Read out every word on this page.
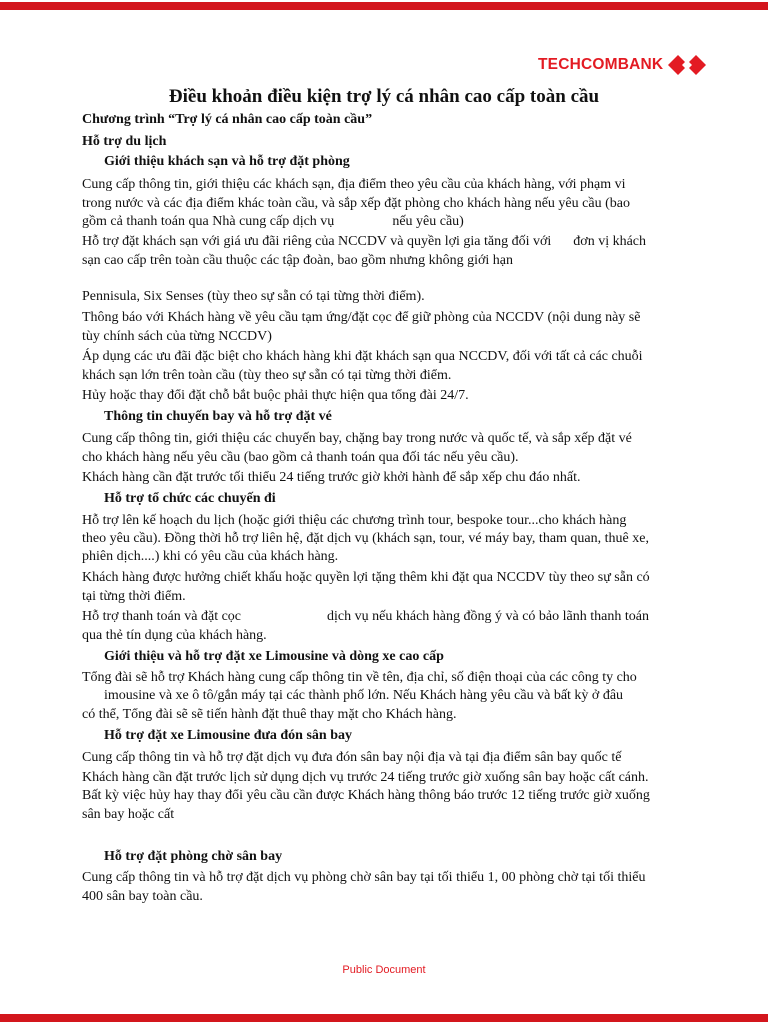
TECHCOMBANK

Điều khoản điều kiện trợ lý cá nhân cao cấp toàn cầu

Chương trình “Trợ lý cá nhân cao cấp toàn cầu”

Hỗ trợ du lịch

Giới thiệu khách sạn và hỗ trợ đặt phòng

Cung cấp thông tin, giới thiệu các khách sạn, địa điểm theo yêu cầu của khách hàng, với phạm vi

trong nước và các địa điểm khác toàn cầu, và sắp xếp đặt phòng cho khách hàng nếu yêu cầu (bao

gồm cả thanh toán qua Nhà cung cấp dịch vụ	nếu yêu cầu)

Hỗ trợ đặt khách sạn với giá ưu đãi riêng của NCCDV và quyền lợi gia tăng đối với đơn vị khách

sạn cao cấp trên toàn cầu thuộc các tập đoàn, bao gồm nhưng không giới hạn

Pennisula, Six Senses (tùy theo sự sẵn có tại từng thời điểm).

Thông báo với Khách hàng về yêu cầu tạm ứng/đặt cọc để giữ phòng của NCCDV (nội dung này sẽ

tùy chính sách của từng NCCDV)

Áp dụng các ưu đãi đặc biệt cho khách hàng khi đặt khách sạn qua NCCDV, đối với tất cả các chuỗi

khách sạn lớn trên toàn cầu (tùy theo sự sẵn có tại từng thời điểm.

Hủy hoặc thay đổi đặt chỗ bắt buộc phải thực hiện qua tổng đài 24/7.

Thông tin chuyến bay và hỗ trợ đặt vé

Cung cấp thông tin, giới thiệu các chuyến bay, chặng bay trong nước và quốc tế, và sắp xếp đặt vé

cho khách hàng nếu yêu cầu (bao gồm cả thanh toán qua đối tác nếu yêu cầu).

Khách hàng cần đặt trước tối thiểu 24 tiếng trước giờ khởi hành để sắp xếp chu đáo nhất.

Hỗ trợ tổ chức các chuyến đi

Hỗ trợ lên kế hoạch du lịch (hoặc giới thiệu các chương trình tour, bespoke tour...cho khách hàng

theo yêu cầu). Đồng thời hỗ trợ liên hệ, đặt dịch vụ (khách sạn, tour, vé máy bay, tham quan, thuê xe,

phiên dịch....) khi có yêu cầu của khách hàng.

Khách hàng được hưởng chiết khấu hoặc quyền lợi tặng thêm khi đặt qua NCCDV tùy theo sự sẵn có

tại từng thời điểm.

Hỗ trợ thanh toán và đặt cọc	dịch vụ nếu khách hàng đồng ý và có bảo lãnh thanh toán

qua thẻ tín dụng của khách hàng.

Giới thiệu và hỗ trợ đặt xe Limousine và dòng xe cao cấp

Tổng đài sẽ hỗ trợ Khách hàng cung cấp thông tin về tên, địa chỉ, số điện thoại của các công ty cho

imousine và xe ô tô/gắn máy tại các thành phố lớn. Nếu Khách hàng yêu cầu và bất kỳ ở đâu

có thể, Tổng đài sẽ sẽ tiến hành đặt thuê thay mặt cho Khách hàng.

Hỗ trợ đặt xe Limousine đưa đón sân bay

Cung cấp thông tin và hỗ trợ đặt dịch vụ đưa đón sân bay nội địa và tại địa điểm sân bay quốc tế

Khách hàng cần đặt trước lịch sử dụng dịch vụ trước 24 tiếng trước giờ xuống sân bay hoặc cất cánh.

Bất kỳ việc hủy hay thay đổi yêu cầu cần được Khách hàng thông báo trước 12 tiếng trước giờ xuống

sân bay hoặc cất

Hỗ trợ đặt phòng chờ sân bay

Cung cấp thông tin và hỗ trợ đặt dịch vụ phòng chờ sân bay tại tối thiểu 1, 00 phòng chờ tại tối thiểu

400 sân bay toàn cầu.

Public Document
